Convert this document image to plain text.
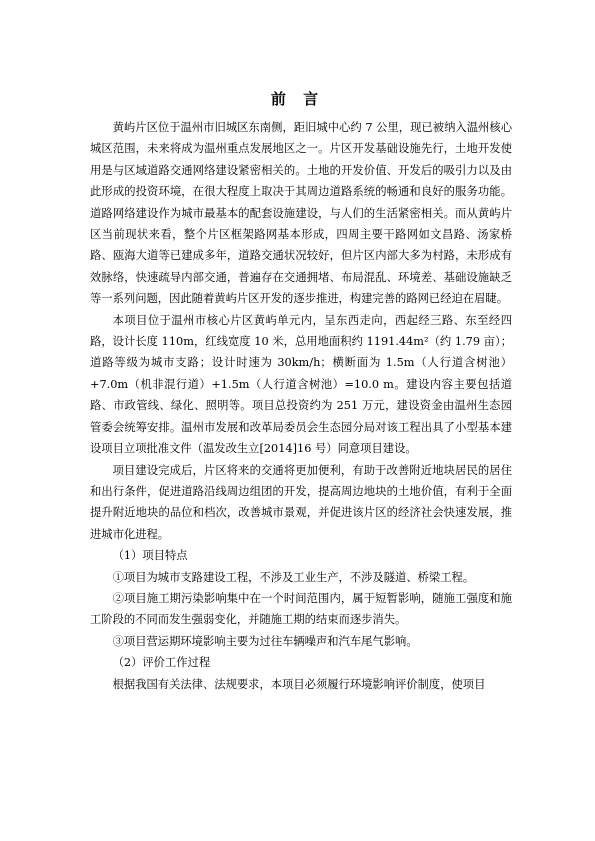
前 言

黄屿片区位于温州市旧城区东南侧，距旧城中心约 7 公里，现已被纳入温州核心城区范围，未来将成为温州重点发展地区之一。片区开发基础设施先行，土地开发使用是与区域道路交通网络建设紧密相关的。土地的开发价值、开发后的吸引力以及由此形成的投资环境，在很大程度上取决于其周边道路系统的畅通和良好的服务功能。道路网络建设作为城市最基本的配套设施建设，与人们的生活紧密相关。而从黄屿片区当前现状来看，整个片区框架路网基本形成，四周主要干路网如文昌路、汤家桥路、瓯海大道等已建成多年，道路交通状况较好，但片区内部大多为村路，未形成有效脉络，快速疏导内部交通，普遍存在交通拥堵、布局混乱、环境差、基础设施缺乏等一系列问题，因此随着黄屿片区开发的逐步推进，构建完善的路网已经迫在眉睫。

本项目位于温州市核心片区黄屿单元内，呈东西走向，西起经三路、东至经四路，设计长度 110m，红线宽度 10 米，总用地面积约 1191.44m²（约 1.79 亩）；道路等级为城市支路；设计时速为 30km/h；横断面为 1.5m（人行道含树池）+7.0m（机非混行道）+1.5m（人行道含树池）=10.0 m。建设内容主要包括道路、市政管线、绿化、照明等。项目总投资约为 251 万元，建设资金由温州生态园管委会统筹安排。温州市发展和改革局委员会生态园分局对该工程出具了小型基本建设项目立项批准文件（温发改生立[2014]16 号）同意项目建设。

项目建设完成后，片区将来的交通将更加便利，有助于改善附近地块居民的居住和出行条件，促进道路沿线周边组团的开发，提高周边地块的土地价值，有利于全面提升附近地块的品位和档次，改善城市景观，并促进该片区的经济社会快速发展，推进城市化进程。

（1）项目特点

①项目为城市支路建设工程，不涉及工业生产，不涉及隧道、桥梁工程。

②项目施工期污染影响集中在一个时间范围内，属于短暂影响，随施工强度和施工阶段的不同而发生强弱变化，并随施工期的结束而逐步消失。

③项目营运期环境影响主要为过往车辆噪声和汽车尾气影响。

（2）评价工作过程

根据我国有关法律、法规要求，本项目必须履行环境影响评价制度，使项目
